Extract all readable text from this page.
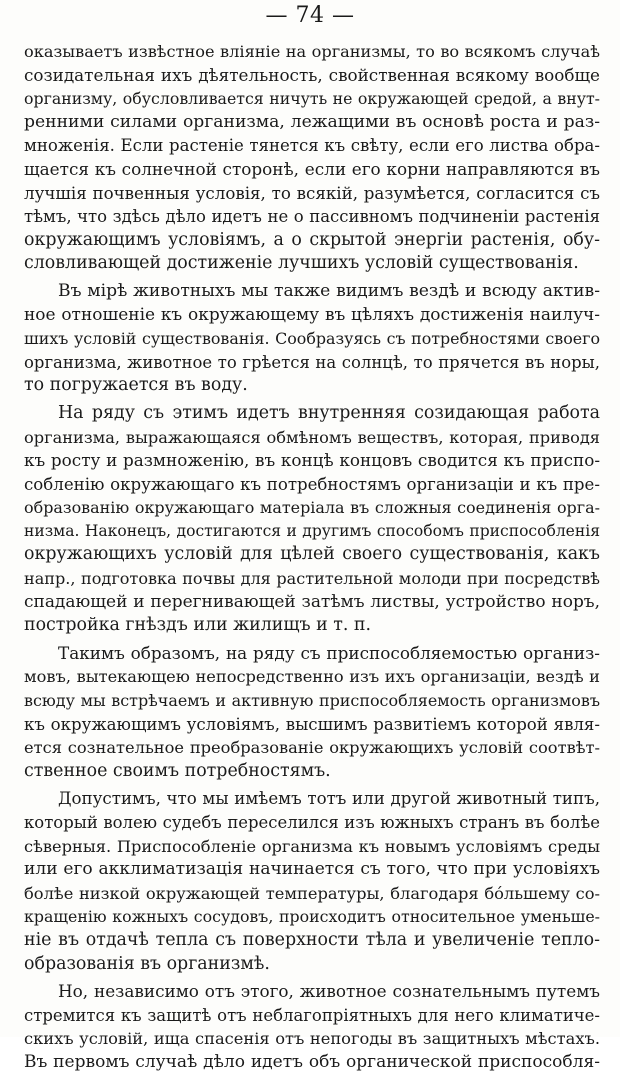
— 74 —

оказываетъ извѣстное вліяніе на организмы, то во всякомъ случаѣ
созидательная ихъ дѣятельность, свойственная всякому вообще
организму, обусловливается ничуть не окружающей средой, а внут-
ренними силами организма, лежащими въ основѣ роста и раз-
множенія. Если растеніе тянется къ свѣту, если его листва обра-
щается къ солнечной сторонѣ, если его корни направляются въ
лучшія почвенныя условія, то всякій, разумѣется, согласится съ
тѣмъ, что здѣсь дѣло идетъ не о пассивномъ подчиненіи растенія
окружающимъ условіямъ, а о скрытой энергіи растенія, обу-
словливающей достиженіе лучшихъ условій существованія.

Въ мірѣ животныхъ мы также видимъ вездѣ и всюду актив-
ное отношеніе къ окружающему въ цѣляхъ достиженія наилуч-
шихъ условій существованія. Сообразуясь съ потребностями своего
организма, животное то грѣется на солнцѣ, то прячется въ норы,
то погружается въ воду.

На ряду съ этимъ идетъ внутренняя созидающая работа
организма, выражающаяся обмѣномъ веществъ, которая, приводя
къ росту и размноженію, въ концѣ концовъ сводится къ приспо-
собленію окружающаго къ потребностямъ организаціи и къ пре-
образованію окружающаго матеріала въ сложныя соединенія орга-
низма. Наконецъ, достигаются и другимъ способомъ приспособленія
окружающихъ условій для цѣлей своего существованія, какъ
напр., подготовка почвы для растительной молоди при посредствѣ
спадающей и перегнивающей затѣмъ листвы, устройство норъ,
постройка гнѣздъ или жилищъ и т. п.

Такимъ образомъ, на ряду съ приспособляемостью организ-
мовъ, вытекающею непосредственно изъ ихъ организаціи, вездѣ и
всюду мы встрѣчаемъ и активную приспособляемость организмовъ
къ окружающимъ условіямъ, высшимъ развитіемъ которой явля-
ется сознательное преобразованіе окружающихъ условій соотвѣт-
ственное своимъ потребностямъ.

Допустимъ, что мы имѣемъ тотъ или другой животный типъ,
который волею судебъ переселился изъ южныхъ странъ въ болѣе
сѣверныя. Приспособленіе организма къ новымъ условіямъ среды
или его акклиматизація начинается съ того, что при условіяхъ
болѣе низкой окружающей температуры, благодаря бо́льшему со-
кращенію кожныхъ сосудовъ, происходитъ относительное уменьше-
ніе въ отдачѣ тепла съ поверхности тѣла и увеличеніе тепло-
образованія въ организмѣ.

Но, независимо отъ этого, животное сознательнымъ путемъ
стремится къ защитѣ отъ неблагопріятныхъ для него климатиче-
скихъ условій, ища спасенія отъ непогоды въ защитныхъ мѣстахъ.
Въ первомъ случаѣ дѣло идетъ объ органической приспособля-
